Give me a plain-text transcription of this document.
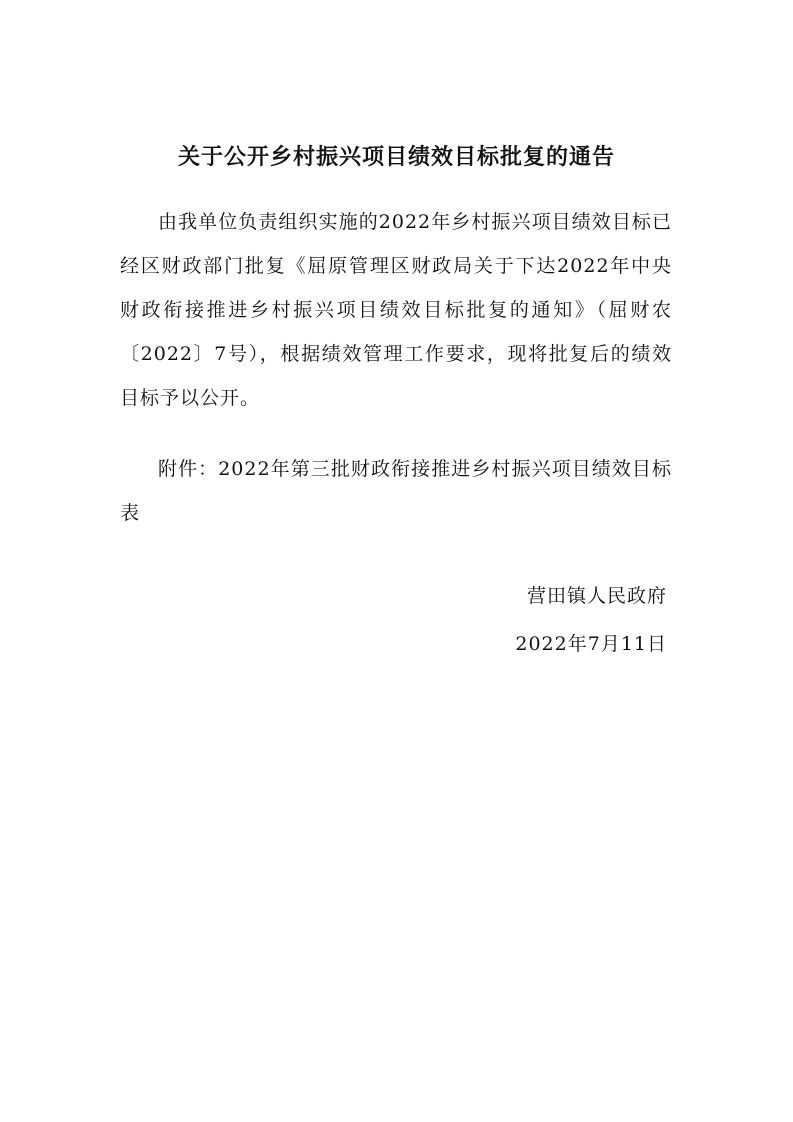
关于公开乡村振兴项目绩效目标批复的通告

由我单位负责组织实施的2022年乡村振兴项目绩效目标已经区财政部门批复《屈原管理区财政局关于下达2022年中央财政衔接推进乡村振兴项目绩效目标批复的通知》（屈财农〔2022〕7号），根据绩效管理工作要求，现将批复后的绩效目标予以公开。

附件：2022年第三批财政衔接推进乡村振兴项目绩效目标表

营田镇人民政府

2022年7月11日
